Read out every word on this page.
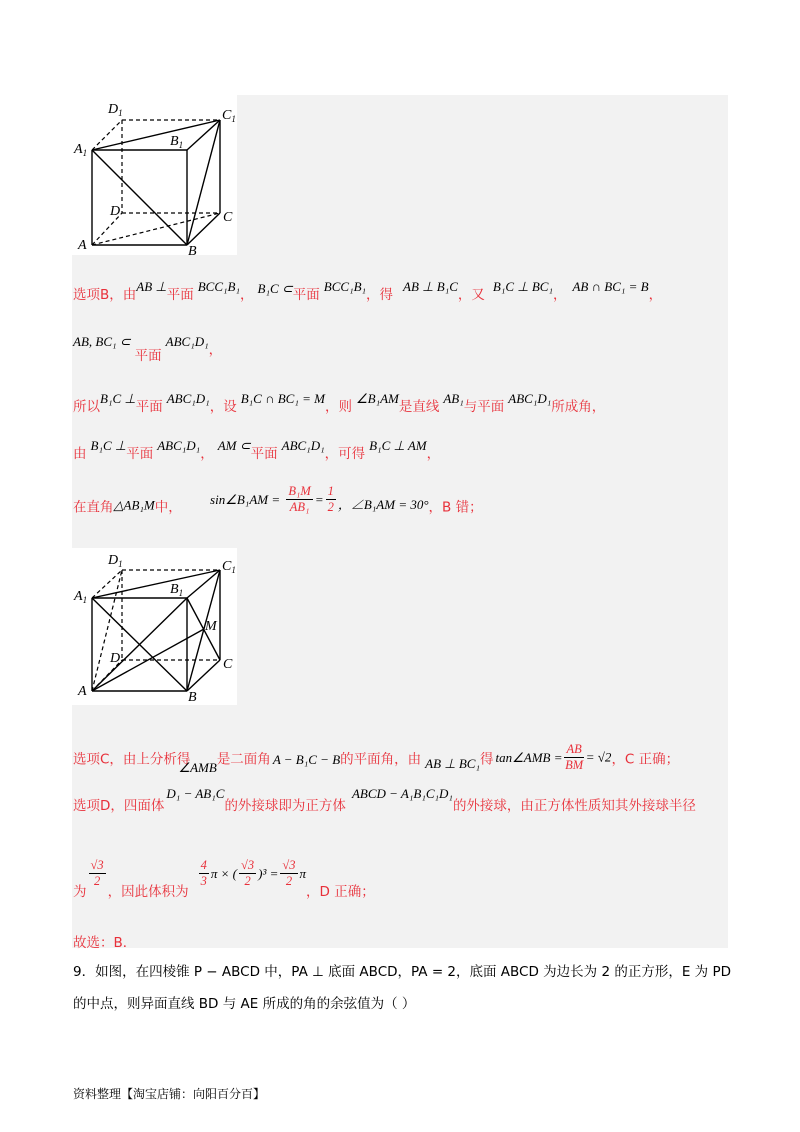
$D_1$	$C_1$
$B_1$
$A_1$
D	C
A	B
选项B，由AB ⊥平面BCC₁B₁， B₁C ⊂平面BCC₁B₁，得AB ⊥ B₁C，又B₁C ⊥ BC₁，AB ∩ BC₁ = B，
AB, BC₁ ⊂平面ABC₁D₁，
所以B₁C ⊥平面ABC₁D₁，设B₁C ∩ BC₁ = M，则∠B₁AM是直线AB₁与平面ABC₁D₁所成角，
由B₁C ⊥平面ABC₁D₁，AM ⊂平面ABC₁D₁，可得B₁C ⊥ AM，
在直角△AB₁M中， sin∠B₁AM = $\frac{\text{B₁M}}{\text{AB₁}} = \frac{1}{2}$ ，∠B₁AM = 30°，B 错；
$D_1$	$C_1$
$B_1$
$A_1$
M
D	C
A	B
选项C，由上分析得∠AMB是二面角 A − B₁C − B的平面角，由 AB ⊥ BC₁得 tan∠AMB = $\frac{AB}{BM} = √2$，C 正确；
选项D，四面体D₁ − AB₁C的外接球即为正方体ABCD − A₁B₁C₁D₁的外接球，由正方体性质知其外接球半径
为
$\frac{√3}{2}$
，因此体积为
$\frac{4}{3}$ π × ( $\frac{√3}{2} )^3 = \frac{√3}{2}$ π，D 正确；
故选：B．
9．如图，在四棱锥 P − ABCD 中，PA ⊥ 底面 ABCD，PA = 2，底面 ABCD 为边长为 2 的正方形，E 为 PD
的中点，则异面直线 BD 与 AE 所成的角的余弦值为（ ）
资料整理【淘宝店铺：向阳百分百】
